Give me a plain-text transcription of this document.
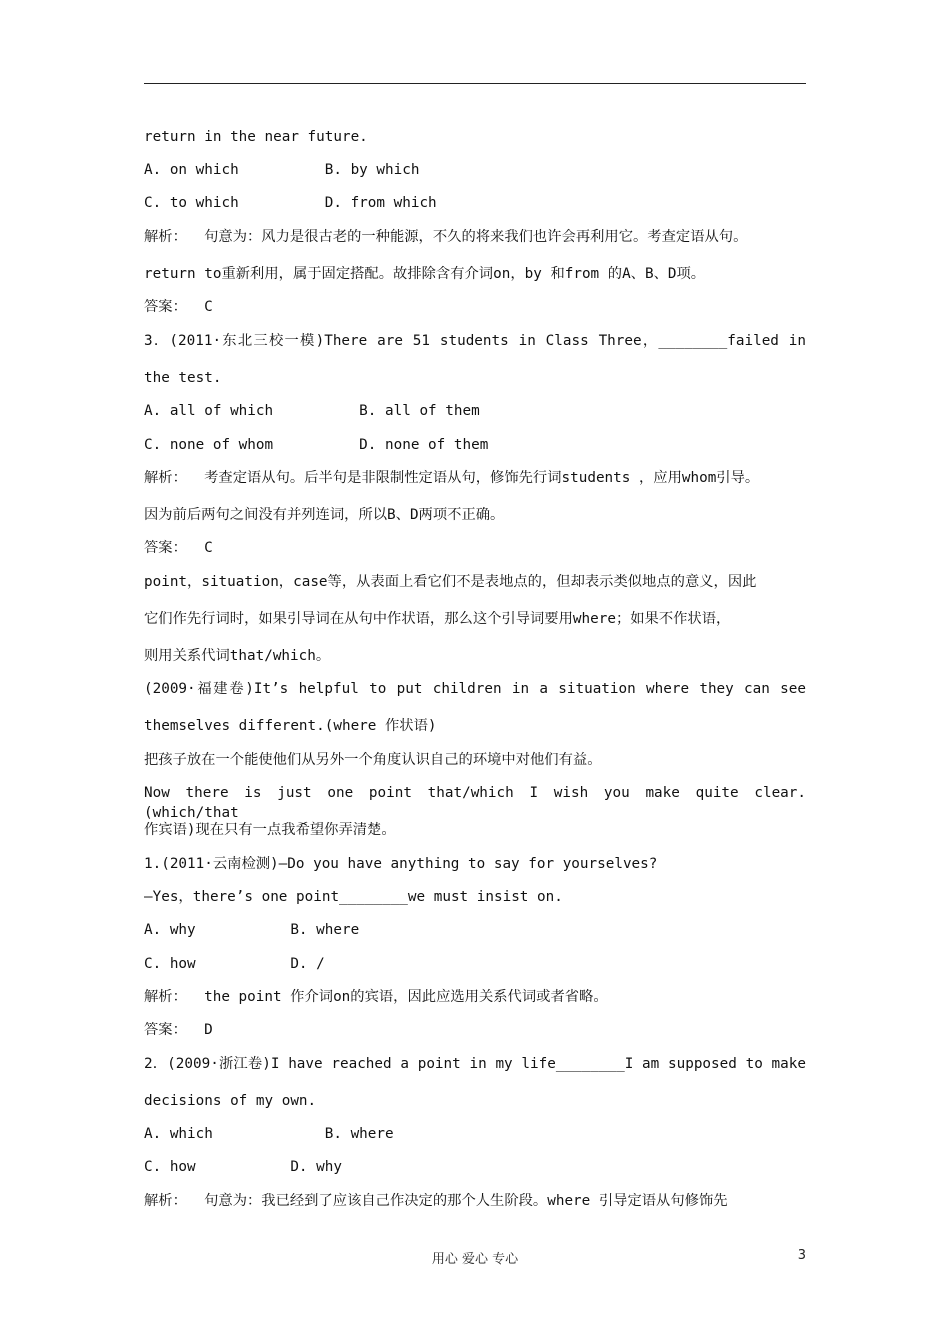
return in the near future.
A. on which          B. by which
C. to which          D. from which
解析：  句意为：风力是很古老的一种能源，不久的将来我们也许会再利用它。考查定语从句。
return to重新利用，属于固定搭配。故排除含有介词on，by 和from 的A、B、D项。
答案：  C
3．(2011·东北三校一模)There are 51 students in Class Three，________failed in
the test.
A. all of which          B. all of them
C. none of whom          D. none of them
解析：  考查定语从句。后半句是非限制性定语从句，修饰先行词students ，应用whom引导。
因为前后两句之间没有并列连词，所以B、D两项不正确。
答案：  C
point，situation，case等，从表面上看它们不是表地点的，但却表示类似地点的意义，因此
它们作先行词时，如果引导词在从句中作状语，那么这个引导词要用where；如果不作状语，
则用关系代词that/which。
(2009·福建卷)It’s helpful to put children in a situation where they can see
themselves different.(where 作状语)
把孩子放在一个能使他们从另外一个角度认识自己的环境中对他们有益。
Now there is just one point that/which I wish you make quite clear.(which/that
作宾语)现在只有一点我希望你弄清楚。
1.(2011·云南检测)—Do you have anything to say for yourselves?
—Yes，there’s one point________we must insist on.
A. why           B. where
C. how           D. /
解析：  the point 作介词on的宾语，因此应选用关系代词或者省略。
答案：  D
2．(2009·浙江卷)I have reached a point in my life________I am supposed to make
decisions of my own.
A. which             B. where
C. how           D. why
解析：  句意为：我已经到了应该自己作决定的那个人生阶段。where 引导定语从句修饰先
用心 爱心 专心	3
